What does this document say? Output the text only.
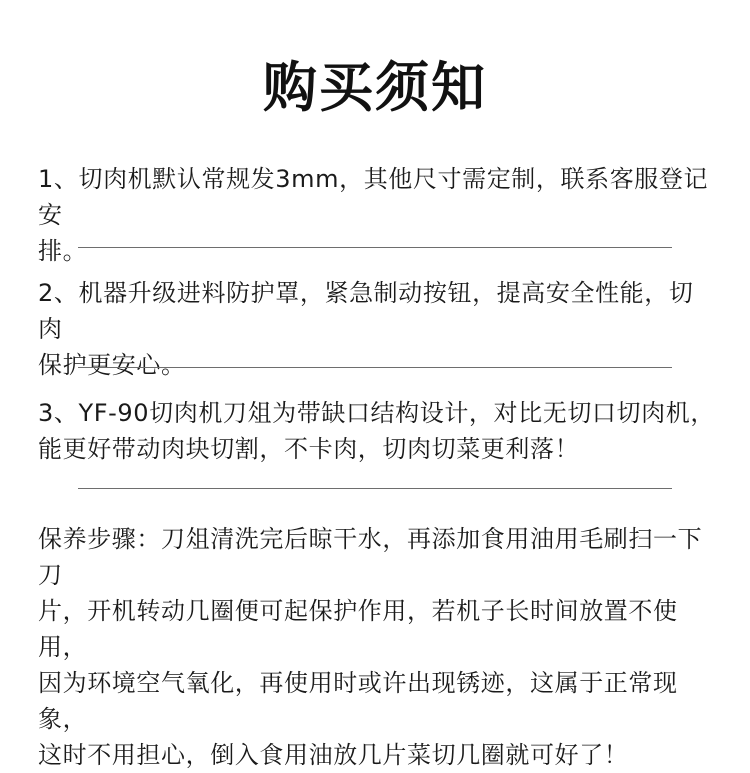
购买须知

1、切肉机默认常规发3mm，其他尺寸需定制，联系客服登记安

排。

2、机器升级进料防护罩，紧急制动按钮，提高安全性能，切肉

保护更安心。

3、YF-90切肉机刀俎为带缺口结构设计，对比无切口切肉机，

能更好带动肉块切割，不卡肉，切肉切菜更利落！

保养步骤：刀俎清洗完后晾干水，再添加食用油用毛刷扫一下刀

片，开机转动几圈便可起保护作用，若机子长时间放置不使用，

因为环境空气氧化，再使用时或许出现锈迹，这属于正常现象，

这时不用担心，倒入食用油放几片菜切几圈就可好了！
